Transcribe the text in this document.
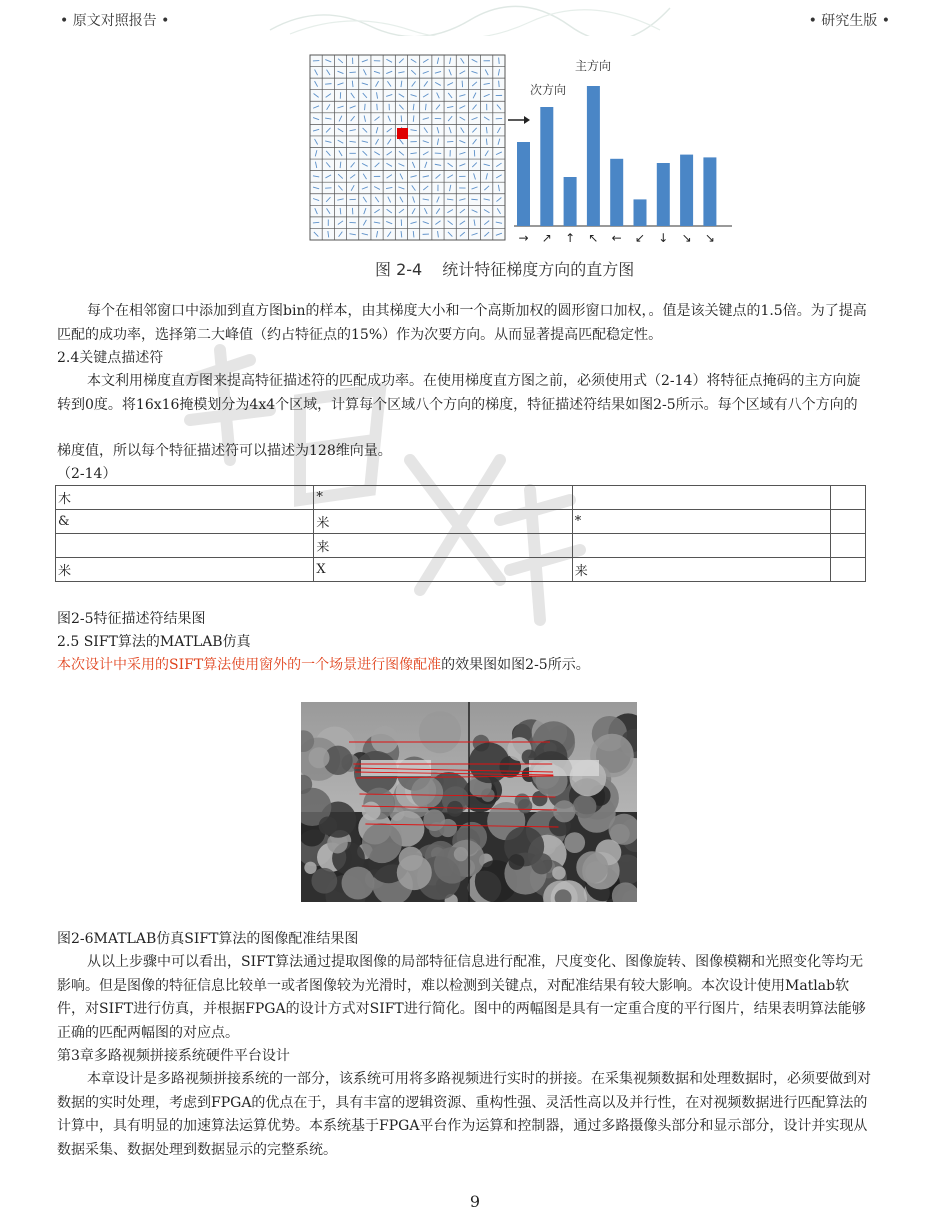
• 原文对照报告 •	• 研究生版 •
→ ↗ ↑ ↖ ← ↙ ↓ ↘ ↘
主方向
次方向
图 2-4 统计特征梯度方向的直方图

每个在相邻窗口中添加到直方图bin的样本，由其梯度大小和一个高斯加权的圆形窗口加权，。值是该关键点的1.5倍。为了提高匹配的成功率，选择第二大峰值（约占特征点的15%）作为次要方向。从而显著提高匹配稳定性。

2.4关键点描述符

本文利用梯度直方图来提高特征描述符的匹配成功率。在使用梯度直方图之前，必须使用式（2-14）将特征点掩码的主方向旋转到0度。将16x16掩模划分为4x4个区域，计算每个区域八个方向的梯度，特征描述符结果如图2-5所示。每个区域有八个方向的

梯度值，所以每个特征描述符可以描述为128维向量。

（2-14）

木	*		
&	米	*	
	来		
米	X	来	

图2-5特征描述符结果图

2.5 SIFT算法的MATLAB仿真

本次设计中采用的SIFT算法使用窗外的一个场景进行图像配准的效果图如图2-5所示。

图2-6MATLAB仿真SIFT算法的图像配准结果图

从以上步骤中可以看出，SIFT算法通过提取图像的局部特征信息进行配准，尺度变化、图像旋转、图像模糊和光照变化等均无影响。但是图像的特征信息比较单一或者图像较为光滑时，难以检测到关键点，对配准结果有较大影响。本次设计使用Matlab软件，对SIFT进行仿真，并根据FPGA的设计方式对SIFT进行简化。图中的两幅图是具有一定重合度的平行图片，结果表明算法能够正确的匹配两幅图的对应点。

第3章多路视频拼接系统硬件平台设计

本章设计是多路视频拼接系统的一部分，该系统可用将多路视频进行实时的拼接。在采集视频数据和处理数据时，必须要做到对数据的实时处理，考虑到FPGA的优点在于，具有丰富的逻辑资源、重构性强、灵活性高以及并行性，在对视频数据进行匹配算法的计算中，具有明显的加速算法运算优势。本系统基于FPGA平台作为运算和控制器，通过多路摄像头部分和显示部分，设计并实现从数据采集、数据处理到数据显示的完整系统。

9
